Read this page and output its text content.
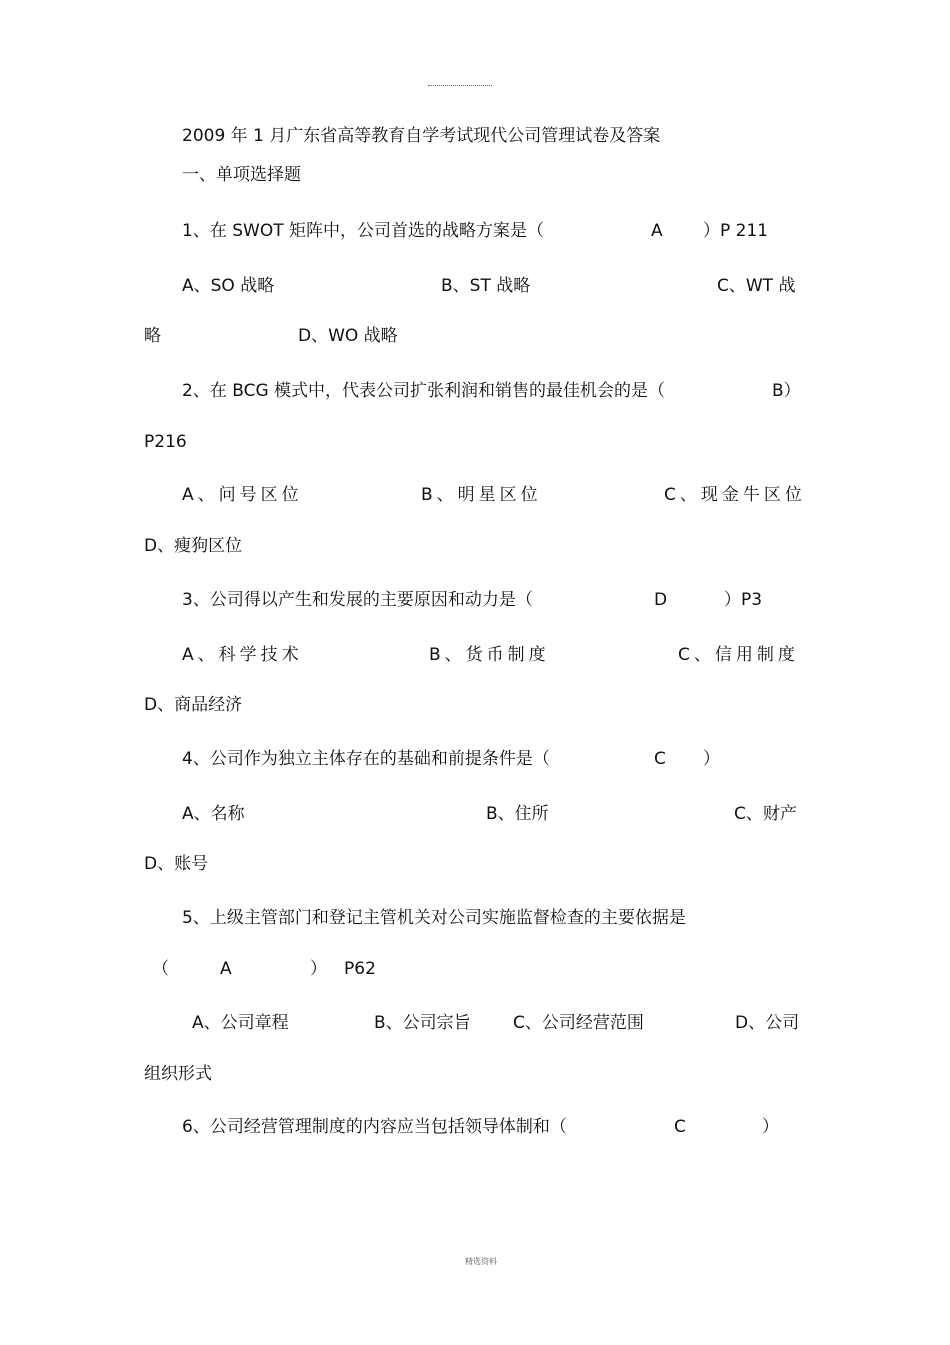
2009 年 1 月广东省高等教育自学考试现代公司管理试卷及答案
一、单项选择题
1、在 SWOT 矩阵中，公司首选的战略方案是（	A ）P 211
A、SO 战略	B、ST 战略	C、WT 战
略	D、WO 战略
2、在 BCG 模式中，代表公司扩张利润和销售的最佳机会的是（	B）
P216
A、问号区位	B、明星区位	C、现金牛区位
D、瘦狗区位
3、公司得以产生和发展的主要原因和动力是（	D	）P3
A、科学技术	B、货币制度	C、信用制度
D、商品经济
4、公司作为独立主体存在的基础和前提条件是（	C ）
A、名称	B、住所	C、财产
D、账号
5、上级主管部门和登记主管机关对公司实施监督检查的主要依据是
（	A	） P62
A、公司章程	B、公司宗旨 C、公司经营范围	D、公司
组织形式
6、公司经营管理制度的内容应当包括领导体制和（	C	）
精选资料
